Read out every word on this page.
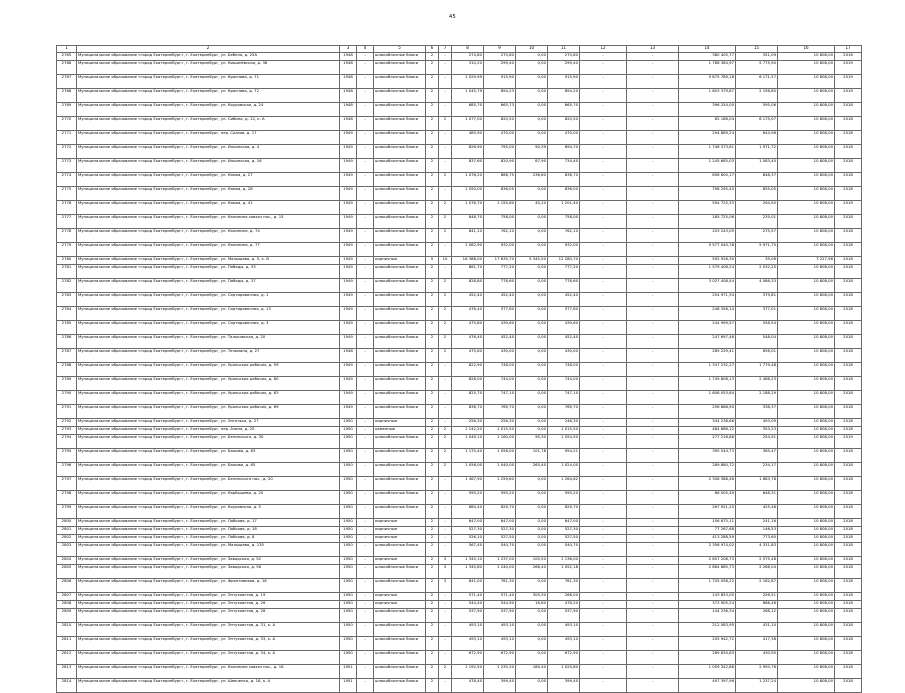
45
1	2	3	4	5	6	7	8	9	10	11	12	13	14	15	16	17
2765	Муниципальное образование «город Екатеринбург», г. Екатеринбург, ул. Бебеля, д. 25А	1948	-	шлакоблочные блоки	2	-	274,80	270,80	0,00	270,80	-	-	380 405,77	351,09	10 808,00	2016
2766	Муниципальное образование «город Екатеринбург», г. Екатеринбург, ул. Кишинёвская, д. 38	1948	-	шлакоблочные блоки	2	-	310,20	299,40	0,00	299,40	-	-	1 786 384,97	5 775,90	10 808,00	2019
2767	Муниципальное образование «город Екатеринбург», г. Екатеринбург, ул. Краснова, д. 71	1948	-	шлакоблочные блоки	2	-	1 029,99	915,90	0,00	915,90	-	-	5 875 789,18	6 171,57	10 808,00	2019
2768	Муниципальное образование «город Екатеринбург», г. Екатеринбург, ул. Краснова, д. 72	1948	-	шлакоблочные блоки	2	-	1 045,79	894,23	0,00	894,20	-	-	1 803 379,87	2 156,80	10 808,00	2019
2769	Муниципальное образование «город Екатеринбург», г. Екатеринбург, ул. Коуровская, д. 24	1948	-	шлакоблочные блоки	2	-	685,70	665,73	0,00	665,70	-	-	396 254,00	595,06	10 808,00	2018
2770	Муниципальное образование «город Екатеринбург», г. Екатеринбург, ул. Сибина, д. 12, к. А	1948	-	шлакоблочные блоки	2	2	1 077,00	820,50	0,00	820,50	-	-	62 186,04	6 175,07	10 808,00	2018
2771	Муниципальное образование «город Екатеринбург», г. Екатеринбург, пер. Сказов, д. 17	1949	-	шлакоблочные блоки	2	-	485,90	470,00	0,00	470,00	-	-	294 889,24	644,98	10 808,00	2018
2772	Муниципальное образование «город Екатеринбург», г. Екатеринбург, ул. Ильинская, д. 4	1949	-	шлакоблочные блоки	2	-	826,90	795,00	90,39	694,70	-	-	1 746 373,61	1 971,72	10 808,00	2018
2773	Муниципальное образование «город Екатеринбург», г. Екатеринбург, ул. Ильинская, д. 16	1949	-	шлакоблочные блоки	2	-	837,60	820,90	87,90	734,40	-	-	1 245 685,03	1 583,40	10 808,00	2018
2774	Муниципальное образование «город Екатеринбург», г. Екатеринбург, ул. Камка, д. 27	1949	-	шлакоблочные блоки	2	2	1 076,20	866,75	236,60	636,70	-	-	658 600,17	848,37	10 808,00	2018
2775	Муниципальное образование «город Екатеринбург», г. Екатеринбург, ул. Камка, д. 28	1949	-	шлакоблочные блоки	2	-	1 050,00	836,05	0,00	836,00	-	-	798 295,45	855,05	10 808,00	2018
2776	Муниципальное образование «город Екатеринбург», г. Екатеринбург, ул. Камка, д. 41	1949	-	шлакоблочные блоки	2	2	1 076,70	1 155,60	45,20	1 201,40	-	-	594 725,33	294,50	10 808,00	2019
2777	Муниципальное образование «город Екатеринбург», г. Екатеринбург, ул. Калинина совхоз пос., д. 15	1949	-	шлакоблочные блоки	2	2	848,70	758,00	0,00	758,00	-	-	185 725,06	235,01	10 808,00	2018
2778	Муниципальное образование «город Екатеринбург», г. Екатеринбург, ул. Калинина, д. 74	1949	-	шлакоблочные блоки	2	2	841,10	762,10	0,00	762,10	-	-	203 243,05	275,57	10 808,00	2018
2779	Муниципальное образование «город Екатеринбург», г. Екатеринбург, ул. Калинина, д. 77	1949	-	шлакоблочные блоки	2	-	1 082,90	932,00	0,00	932,00	-	-	5 577 040,78	5 971,75	10 808,00	2018
2780	Муниципальное образование «город Екатеринбург», г. Екатеринбург, ул. Малышева, д. 5, к. В	1949	-	кирпичные	5	10	16 388,00	17 635,70	5 345,50	12 280,70	-	-	592 928,30	35,06	7 227,96	2018
2781	Муниципальное образование «город Екатеринбург», г. Екатеринбург, ул. Победы, д. 33	1949	-	шлакоблочные блоки	2	-	861,70	777,20	0,00	777,20	-	-	1 579 408,24	2 032,25	10 808,00	2018
2782	Муниципальное образование «город Екатеринбург», г. Екатеринбург, ул. Победы, д. 37	1949	-	шлакоблочные блоки	2	2	828,80	778,60	0,00	778,60	-	-	3 027 408,44	4 086,33	10 808,00	2018
2783	Муниципальное образование «город Екатеринбург», г. Екатеринбург, ул. Сортировочная, д. 1	1949	-	шлакоблочные блоки	2	2	452,40	452,40	0,00	452,40	-	-	254 971,34	379,81	10 808,00	2018
2784	Муниципальное образование «город Екатеринбург», г. Екатеринбург, ул. Сортировочная, д. 13	1949	-	шлакоблочные блоки	2	2	476,40	377,60	0,00	377,60	-	-	248 356,14	377,01	10 808,00	2018
2785	Муниципальное образование «город Екатеринбург», г. Екатеринбург, ул. Сортировочная, д. 3	1949	-	шлакоблочные блоки	2	2	475,80	439,60	0,00	439,60	-	-	244 999,57	558,54	10 808,00	2018
2786	Муниципальное образование «город Екатеринбург», г. Екатеринбург, ул. Тальковская, д. 20	1949	-	шлакоблочные блоки	2	2	476,40	452,40	0,00	452,40	-	-	247 697,46	548,04	10 808,00	2018
2787	Муниципальное образование «город Екатеринбург», г. Екатеринбург, ул. Тельмана, д. 27	1948	-	шлакоблочные блоки	2	2	475,60	430,00	0,00	430,00	-	-	289 229,41	656,01	10 808,00	2018
2788	Муниципальное образование «город Екатеринбург», г. Екатеринбург, ул. Уральских рабочих, д. 59	1949	-	шлакоблочные блоки	2	-	822,90	748,00	0,00	748,00	-	-	1 347 232,27	1 779,48	10 808,00	2018
2789	Муниципальное образование «город Екатеринбург», г. Екатеринбург, ул. Уральских рабочих, д. 60	1949	-	шлакоблочные блоки	2	-	828,00	744,00	0,00	744,00	-	-	1 749 808,13	2 466,23	10 808,00	2018
2790	Муниципальное образование «город Екатеринбург», г. Екатеринбург, ул. Уральских рабочих, д. 63	1949	-	шлакоблочные блоки	2	-	825,70	747,10	0,00	747,10	-	-	1 608 053,64	2 188,29	10 808,00	2018
2791	Муниципальное образование «город Екатеринбург», г. Екатеринбург, ул. Уральских рабочих, д. 69	1949	-	шлакоблочные блоки	2	-	836,70	769,70	0,00	769,70	-	-	256 868,90	338,37	10 808,00	2018
2792	Муниципальное образование «город Екатеринбург», г. Екатеринбург, ул. Энгельса, д. 27	1950	-	кирпичные	2	-	256,30	256,30	0,00	246,30	-	-	344 238,66	493,09	10 808,00	2018
2793	Муниципальное образование «город Екатеринбург», г. Екатеринбург, пер. Азина, д. 25	1950	-	каменные	2	2	1 142,20	1 015,50	0,00	1 015,50	-	-	484 686,12	353,23	10 808,00	2018
2794	Муниципальное образование «город Екатеринбург», г. Екатеринбург, ул. Белинского, д. 30	1950	-	шлакоблочные блоки	2	2	1 049,10	1 160,00	95,30	1 054,50	-	-	277 216,86	254,91	10 808,00	2019
2795	Муниципальное образование «город Екатеринбург», г. Екатеринбург, ул. Бажова, д. 63	1950	-	шлакоблочные блоки	2	2	1 170,40	1 056,00	101,78	954,21	-	-	390 544,73	365,47	10 808,00	2018
2796	Муниципальное образование «город Екатеринбург», г. Екатеринбург, ул. Бажова, д. 65	1950	-	шлакоблочные блоки	2	2	1 056,00	1 040,00	265,40	1 024,00	-	-	289 880,72	234,17	10 808,00	2018
2797	Муниципальное образование «город Екатеринбург», г. Екатеринбург, ул. Белинского пос., д. 20	1950	-	шлакоблочные блоки	2	-	1 467,90	1 259,60	0,00	1 264,62	-	-	2 306 388,46	1 683,78	10 808,00	2018
2798	Муниципальное образование «город Екатеринбург», г. Екатеринбург, ул. Карбышева, д. 20	1950	-	шлакоблочные блоки	2	-	595,20	595,20	0,00	595,20	-	-	86 005,49	648,31	10 808,00	2018
2799	Муниципальное образование «город Екатеринбург», г. Екатеринбург, ул. Коуровская, д. 5	1950	-	шлакоблочные блоки	2	-	684,40	629,70	0,00	629,70	-	-	267 921,25	425,48	10 808,00	2018
2800	Муниципальное образование «город Екатеринбург», г. Екатеринбург, ул. Лобкова, д. 17	1950	-	кирпичные	2	-	647,00	647,00	0,00	647,00	-	-	156 675,11	241,16	10 808,00	2018
2801	Муниципальное образование «город Екатеринбург», г. Екатеринбург, ул. Лобкова, д. 18	1950	-	кирпичные	2	-	527,30	527,30	0,00	527,30	-	-	77 267,68	146,53	10 808,00	2018
2802	Муниципальное образование «город Екатеринбург», г. Екатеринбург, ул. Лобкова, д. 8	1950	-	кирпичные	2	-	526,10	527,50	0,00	527,50	-	-	413 288,59	773,60	10 808,00	2018
2803	Муниципальное образование «город Екатеринбург», г. Екатеринбург, ул. Малышева, д. 135	1950	-	шлакоблочные блоки	2	-	567,40	540,70	0,00	540,70	-	-	2 356 974,02	4 331,83	10 808,00	2018
2804	Муниципальное образование «город Екатеринбург», г. Екатеринбург, ул. Заводская, д. 52	1950	-	кирпичные	2	3	1 345,10	1 237,00	100,50	1 136,00	-	-	2 607 208,73	2 575,48	10 808,00	2018
2805	Муниципальное образование «город Екатеринбург», г. Екатеринбург, ул. Заводская, д. 56	1950	-	шлакоблочные блоки	2	3	1 345,80	1 240,00	266,40	1 052,18	-	-	2 864 685,73	2 266,04	10 808,00	2018
2806	Муниципальное образование «город Екатеринбург», г. Екатеринбург, ул. Фронтовиков, д. 16	1950	-	шлакоблочные блоки	2	3	841,00	781,30	0,00	781,30	-	-	1 705 058,22	2 182,87	10 808,00	2018
2807	Муниципальное образование «город Екатеринбург», г. Екатеринбург, ул. Энтузиастов, д. 19	1950	-	кирпичные	2	-	571,40	571,40	305,30	266,00	-	-	143 853,05	256,51	10 808,00	2018
2808	Муниципальное образование «город Екатеринбург», г. Екатеринбург, ул. Энтузиастов, д. 26	1950	-	кирпичные	2	-	544,40	544,90	16,80	478,20	-	-	373 905,24	686,46	10 808,00	2018
2809	Муниципальное образование «город Екатеринбург», г. Екатеринбург, ул. Энтузиастов, д. 28	1950	-	шлакоблочные блоки	2	-	537,90	537,90	0,00	537,90	-	-	144 236,34	268,12	10 808,00	2018
2810	Муниципальное образование «город Екатеринбург», г. Екатеринбург, ул. Энтузиастов, д. 31, к. А	1950	-	шлакоблочные блоки	2	-	493,10	493,10	0,00	493,10	-	-	212 583,95	431,10	10 808,00	2018
2811	Муниципальное образование «город Екатеринбург», г. Екатеринбург, ул. Энтузиастов, д. 33, к. А	1950	-	шлакоблочные блоки	2	-	493,10	493,10	0,00	493,10	-	-	205 942,72	417,38	10 808,00	2018
2812	Муниципальное образование «город Екатеринбург», г. Екатеринбург, ул. Энтузиастов, д. 34, к. А	1950	-	шлакоблочные блоки	2	-	672,90	672,90	0,00	672,90	-	-	289 634,63	430,95	10 808,00	2018
2813	Муниципальное образование «город Екатеринбург», г. Екатеринбург, ул. Калинина совхоз пос., д. 16	1951	-	шлакоблочные блоки	2	2	1 192,50	1 235,20	189,40	1 025,80	-	-	1 059 342,88	2 950,76	10 808,00	2018
2814	Муниципальное образование «город Екатеринбург», г. Екатеринбург, ул. Шевченко, д. 18, к. А	1951	-	шлакоблочные блоки	2	-	478,40	399,40	0,00	399,40	-	-	497 397,96	1 237,24	10 808,00	2018
